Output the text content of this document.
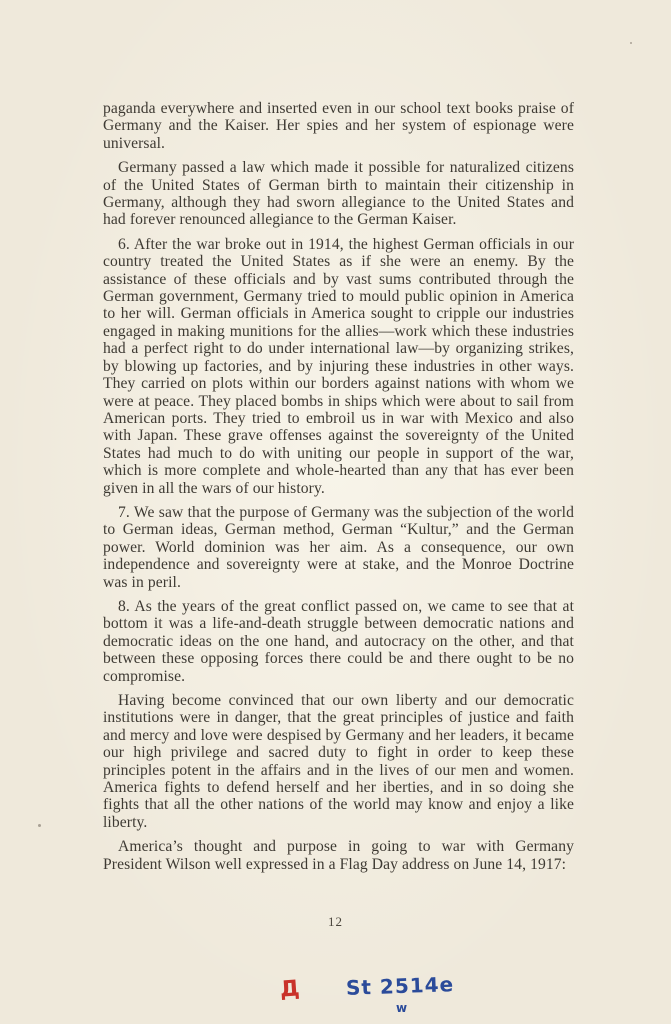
paganda everywhere and inserted even in our school text books praise of Germany and the Kaiser. Her spies and her system of espionage were universal.

Germany passed a law which made it possible for naturalized citizens of the United States of German birth to maintain their citizenship in Germany, although they had sworn allegiance to the United States and had forever renounced allegiance to the German Kaiser.

6. After the war broke out in 1914, the highest German officials in our country treated the United States as if she were an enemy. By the assistance of these officials and by vast sums contributed through the German government, Germany tried to mould public opinion in America to her will. German officials in America sought to cripple our industries engaged in making munitions for the allies—work which these industries had a perfect right to do under international law—by organizing strikes, by blowing up factories, and by injuring these industries in other ways. They carried on plots within our borders against nations with whom we were at peace. They placed bombs in ships which were about to sail from American ports. They tried to embroil us in war with Mexico and also with Japan. These grave offenses against the sovereignty of the United States had much to do with uniting our people in support of the war, which is more complete and whole-hearted than any that has ever been given in all the wars of our history.

7. We saw that the purpose of Germany was the subjection of the world to German ideas, German method, German “Kultur,” and the German power. World dominion was her aim. As a consequence, our own independence and sovereignty were at stake, and the Monroe Doctrine was in peril.

8. As the years of the great conflict passed on, we came to see that at bottom it was a life-and-death struggle between democratic nations and democratic ideas on the one hand, and autocracy on the other, and that between these opposing forces there could be and there ought to be no compromise.

Having become convinced that our own liberty and our democratic institutions were in danger, that the great principles of justice and faith and mercy and love were despised by Germany and her leaders, it became our high privilege and sacred duty to fight in order to keep these principles potent in the affairs and in the lives of our men and women. America fights to defend herself and her iberties, and in so doing she fights that all the other nations of the world may know and enjoy a like liberty.

America’s thought and purpose in going to war with Germany President Wilson well expressed in a Flag Day address on June 14, 1917:

12
Д St 2514e
w
